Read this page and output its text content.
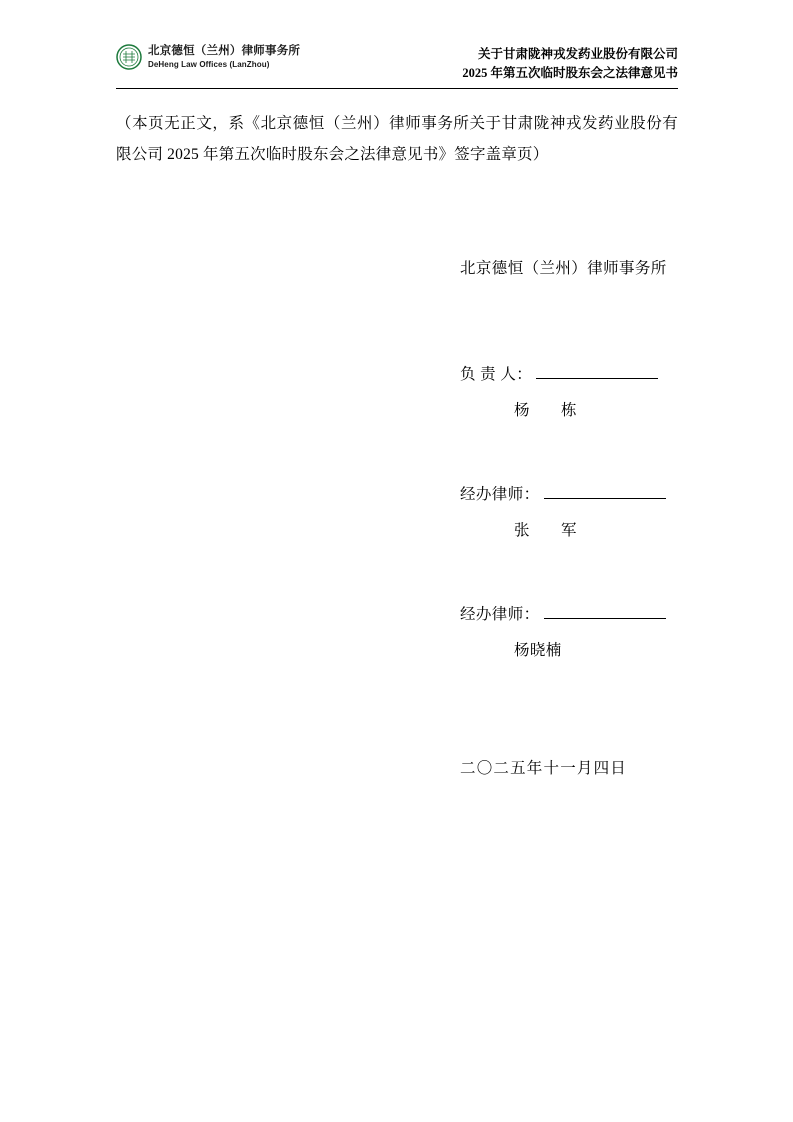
北京德恒（兰州）律师事务所
DeHeng Law Offices (LanZhou)
关于甘肃陇神戎发药业股份有限公司
2025 年第五次临时股东会之法律意见书
（本页无正文，系《北京德恒（兰州）律师事务所关于甘肃陇神戎发药业股份有限公司 2025 年第五次临时股东会之法律意见书》签字盖章页）
北京德恒（兰州）律师事务所
负 责 人：
杨　栋
经办律师：
张　军
经办律师：
杨晓楠
二〇二五年十一月四日
